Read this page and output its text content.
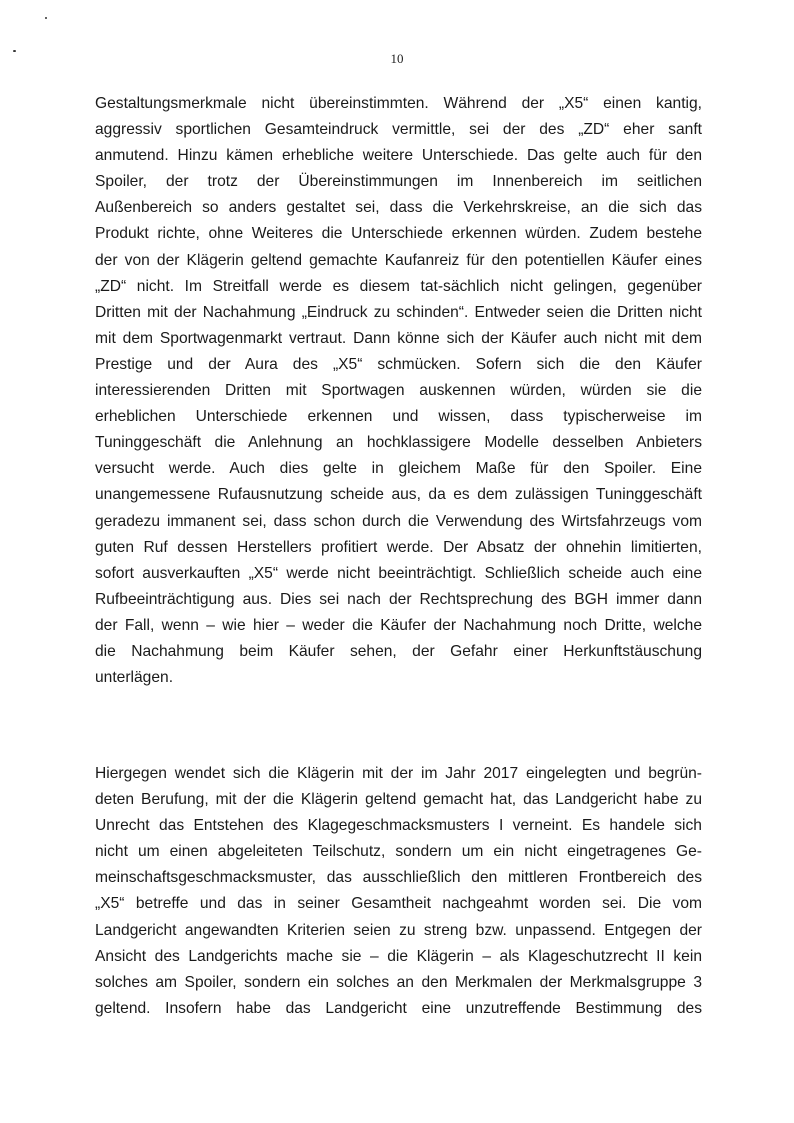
10
Gestaltungsmerkmale nicht übereinstimmten. Während der „X5“ einen kantig,
aggressiv sportlichen Gesamteindruck vermittle, sei der des „ZD“ eher sanft
anmutend. Hinzu kämen erhebliche weitere Unterschiede. Das gelte auch für den
Spoiler, der trotz der Übereinstimmungen im Innenbereich im seitlichen
Außenbereich so anders gestaltet sei, dass die Verkehrskreise, an die sich das
Produkt richte, ohne Weiteres die Unterschiede erkennen würden. Zudem bestehe
der von der Klägerin geltend gemachte Kaufanreiz für den potentiellen Käufer eines
„ZD“ nicht. Im Streitfall werde es diesem tat-sächlich nicht gelingen, gegenüber
Dritten mit der Nachahmung „Eindruck zu schinden“. Entweder seien die Dritten nicht
mit dem Sportwagenmarkt vertraut. Dann könne sich der Käufer auch nicht mit dem
Prestige und der Aura des „X5“ schmücken. Sofern sich die den Käufer
interessierenden Dritten mit Sportwagen auskennen würden, würden sie die
erheblichen Unterschiede erkennen und wissen, dass typischerweise im
Tuninggeschäft die Anlehnung an hochklassigere Modelle desselben Anbieters
versucht werde. Auch dies gelte in gleichem Maße für den Spoiler. Eine
unangemessene Rufausnutzung scheide aus, da es dem zulässigen Tuninggeschäft
geradezu immanent sei, dass schon durch die Verwendung des Wirtsfahrzeugs vom
guten Ruf dessen Herstellers profitiert werde. Der Absatz der ohnehin limitierten,
sofort ausverkauften „X5“ werde nicht beeinträchtigt. Schließlich scheide auch eine
Rufbeeinträchtigung aus. Dies sei nach der Rechtsprechung des BGH immer dann
der Fall, wenn – wie hier – weder die Käufer der Nachahmung noch Dritte, welche
die Nachahmung beim Käufer sehen, der Gefahr einer Herkunftstäuschung
unterlägen.
Hiergegen wendet sich die Klägerin mit der im Jahr 2017 eingelegten und begrün-
deten Berufung, mit der die Klägerin geltend gemacht hat, das Landgericht habe zu
Unrecht das Entstehen des Klagegeschmacksmusters I verneint. Es handele sich
nicht um einen abgeleiteten Teilschutz, sondern um ein nicht eingetragenes Ge-
meinschaftsgeschmacksmuster, das ausschließlich den mittleren Frontbereich des
„X5“ betreffe und das in seiner Gesamtheit nachgeahmt worden sei. Die vom
Landgericht angewandten Kriterien seien zu streng bzw. unpassend. Entgegen der
Ansicht des Landgerichts mache sie – die Klägerin – als Klageschutzrecht II kein
solches am Spoiler, sondern ein solches an den Merkmalen der Merkmalsgruppe 3
geltend. Insofern habe das Landgericht eine unzutreffende Bestimmung des
